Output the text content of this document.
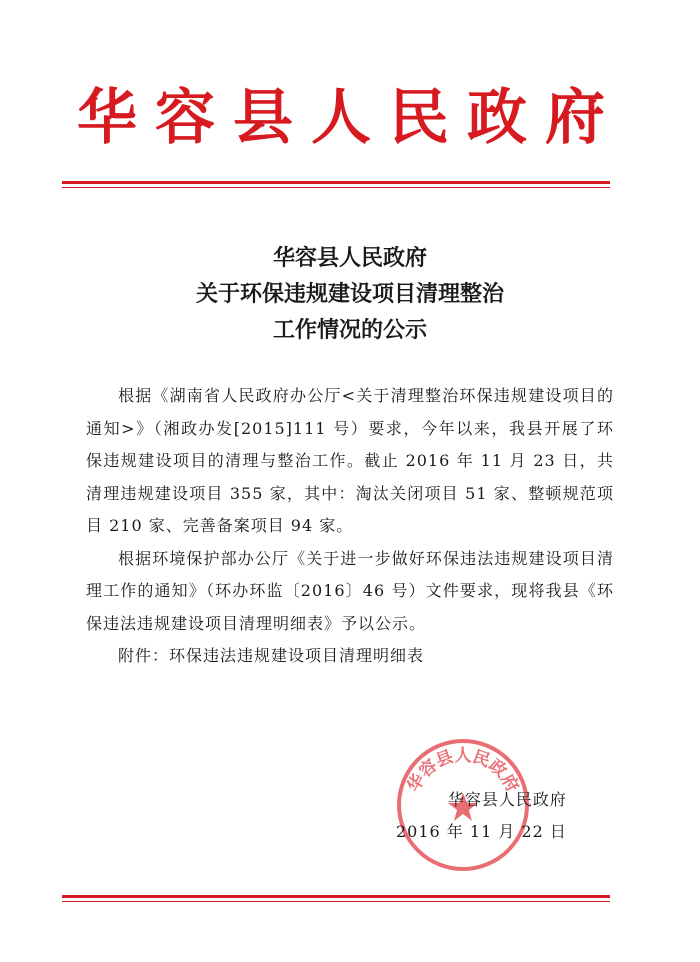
华容县人民政府
华容县人民政府
关于环保违规建设项目清理整治
工作情况的公示

根据《湖南省人民政府办公厅<关于清理整治环保违规建设项目的通知>》（湘政办发[2015]111 号）要求，今年以来，我县开展了环保违规建设项目的清理与整治工作。截止 2016 年 11 月 23 日，共清理违规建设项目 355 家，其中：淘汰关闭项目 51 家、整顿规范项目 210 家、完善备案项目 94 家。

根据环境保护部办公厅《关于进一步做好环保违法违规建设项目清理工作的通知》（环办环监〔2016〕46 号）文件要求，现将我县《环保违法违规建设项目清理明细表》予以公示。

附件：环保违法违规建设项目清理明细表

华容县人民政府
华容县人民政府
2016 年 11 月 22 日
